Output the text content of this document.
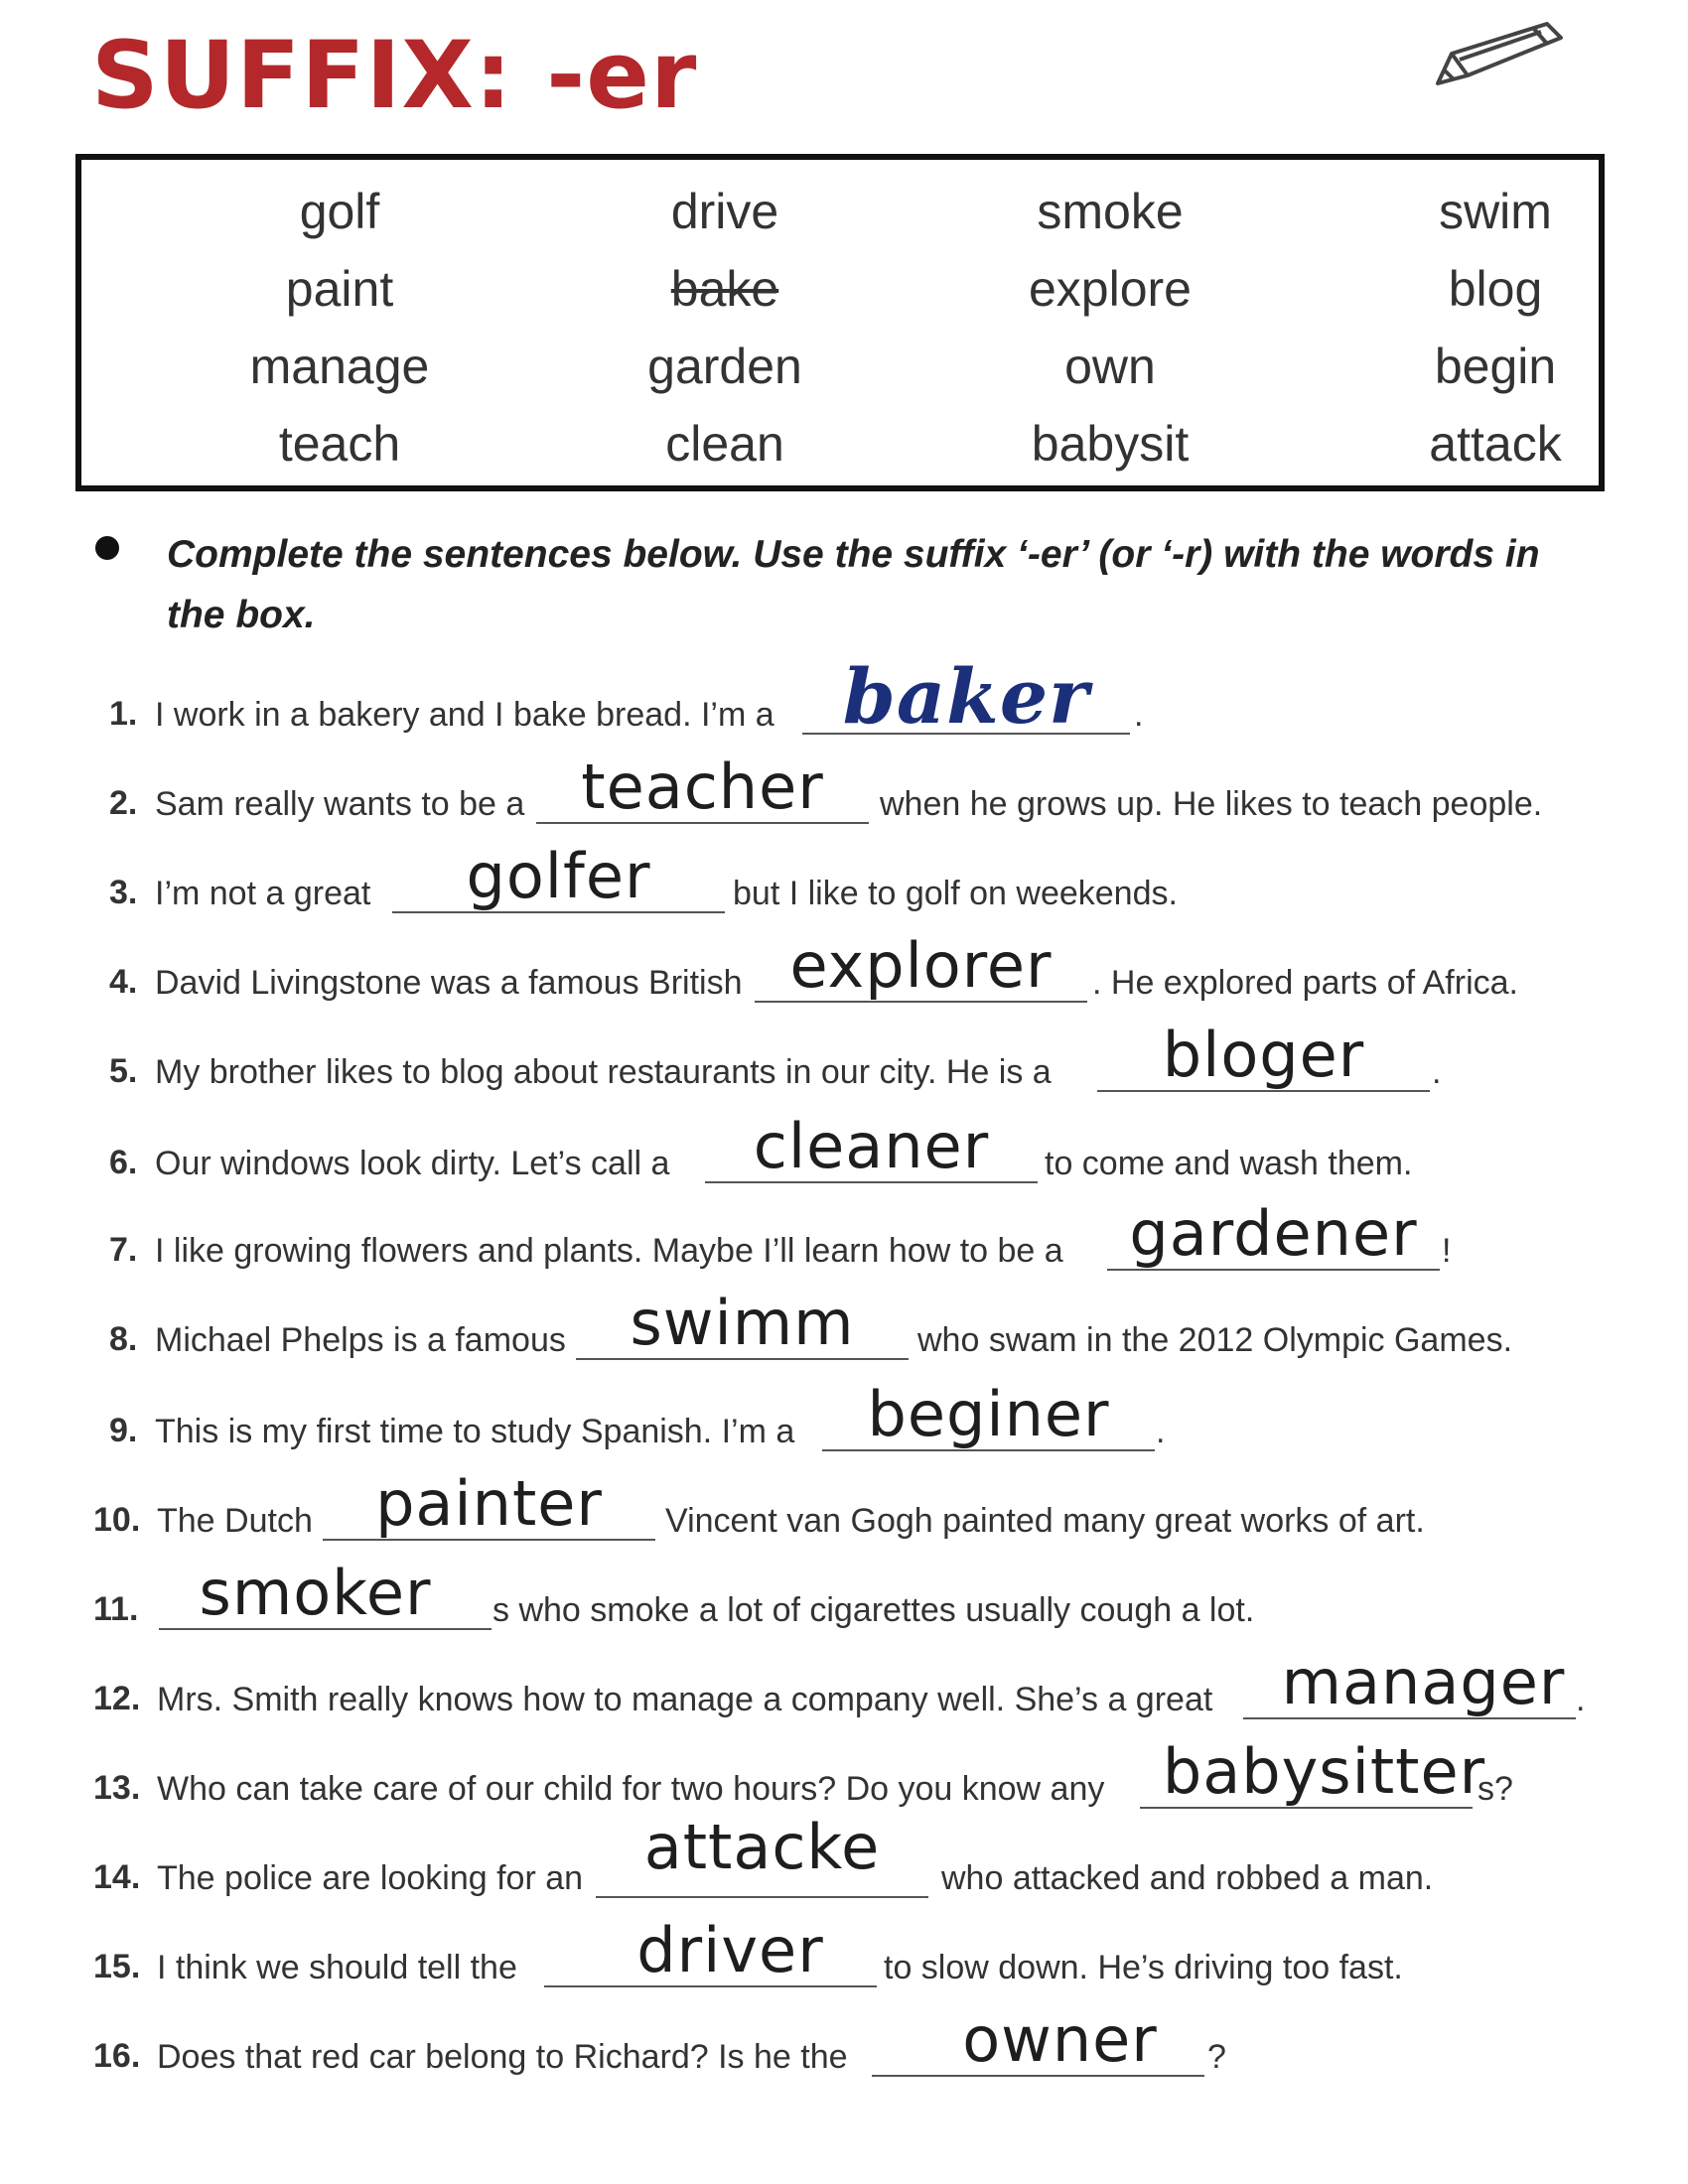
SUFFIX: -er
golf	drive	smoke	swim
paint	bake	explore	blog
manage	garden	own	begin
teach	clean	babysit	attack
Complete the sentences below. Use the suffix ‘-er’ (or ‘-r) with the words in the box.
1. I work in a bakery and I bake bread. I’m a baker	.
2. Sam really wants to be a teacher	when he grows up. He likes to teach people.
3. I’m not a great	golfer	but I like to golf on weekends.
4. David Livingstone was a famous British explorer	. He explored parts of Africa.
5. My brother likes to blog about restaurants in our city. He is a	bloger	.
6. Our windows look dirty. Let’s call a	cleaner	to come and wash them.
7. I like growing flowers and plants. Maybe I’ll learn how to be a	gardener !
8. Michael Phelps is a famous	swimm	who swam in the 2012 Olympic Games.
9. This is my first time to study Spanish. I’m a	beginer	.
10. The Dutch	painter	Vincent van Gogh painted many great works of art.
11. smoker	s who smoke a lot of cigarettes usually cough a lot.
12. Mrs. Smith really knows how to manage a company well. She’s a great	manager .
13. Who can take care of our child for two hours? Do you know any babysitter
s?
14. The police are looking for an attacke	who attacked and robbed a man.
15. I think we should tell the	driver	to slow down. He’s driving too fast.
16. Does that red car belong to Richard? Is he the	owner	?
